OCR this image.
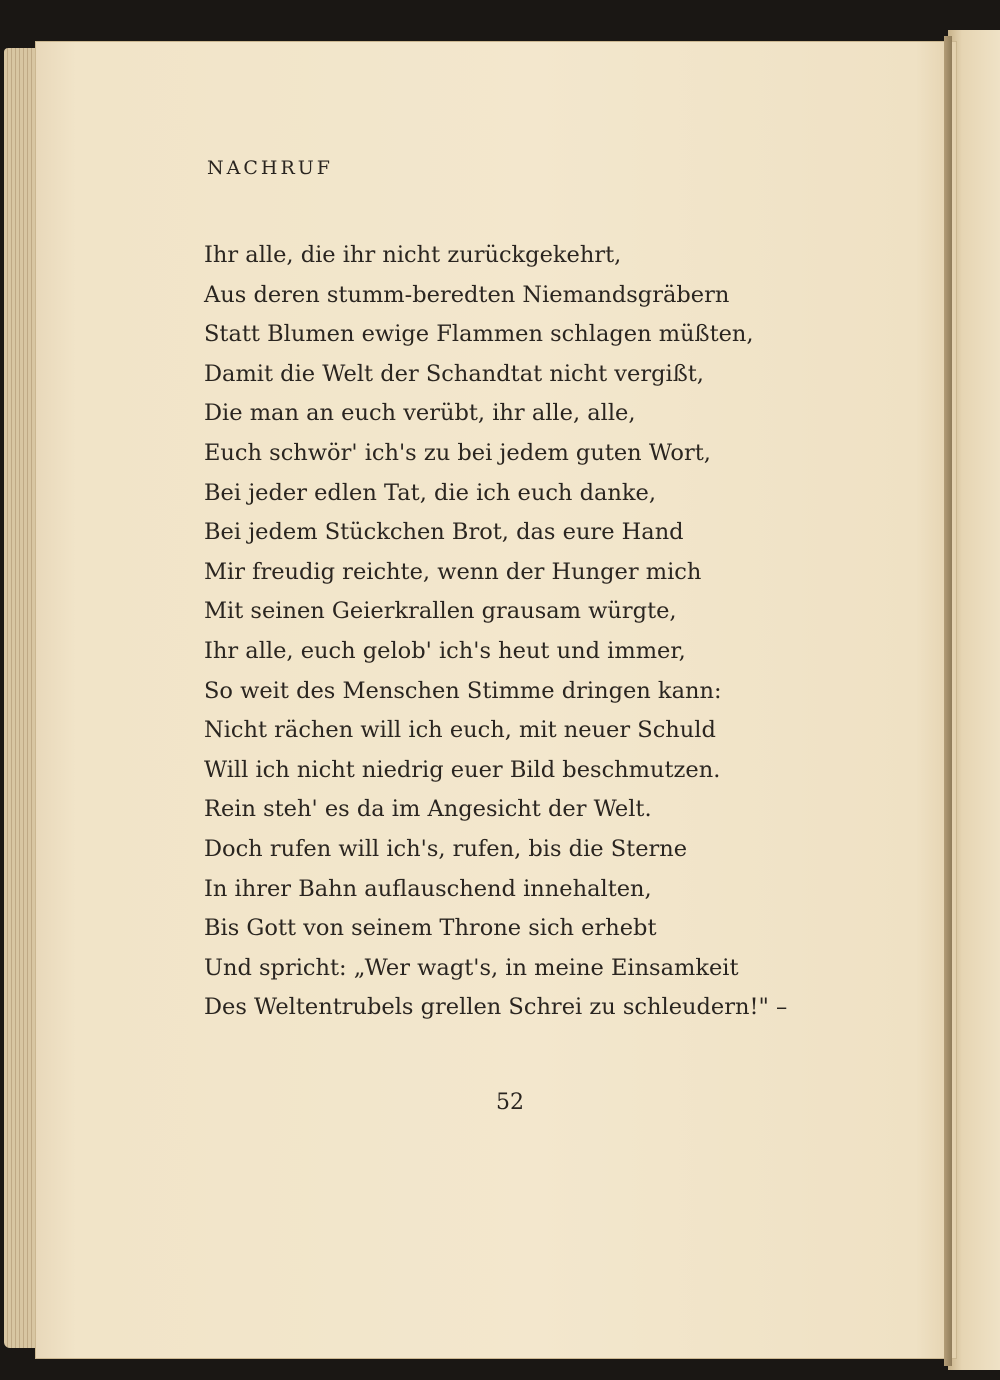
NACHRUF
Ihr alle, die ihr nicht zurückgekehrt,
Aus deren stumm-beredten Niemandsgräbern
Statt Blumen ewige Flammen schlagen müßten,
Damit die Welt der Schandtat nicht vergißt,
Die man an euch verübt, ihr alle, alle,
Euch schwör' ich's zu bei jedem guten Wort,
Bei jeder edlen Tat, die ich euch danke,
Bei jedem Stückchen Brot, das eure Hand
Mir freudig reichte, wenn der Hunger mich
Mit seinen Geierkrallen grausam würgte,
Ihr alle, euch gelob' ich's heut und immer,
So weit des Menschen Stimme dringen kann:
Nicht rächen will ich euch, mit neuer Schuld
Will ich nicht niedrig euer Bild beschmutzen.
Rein steh' es da im Angesicht der Welt.
Doch rufen will ich's, rufen, bis die Sterne
In ihrer Bahn auflauschend innehalten,
Bis Gott von seinem Throne sich erhebt
Und spricht: „Wer wagt's, in meine Einsamkeit
Des Weltentrubels grellen Schrei zu schleudern!" –
52
